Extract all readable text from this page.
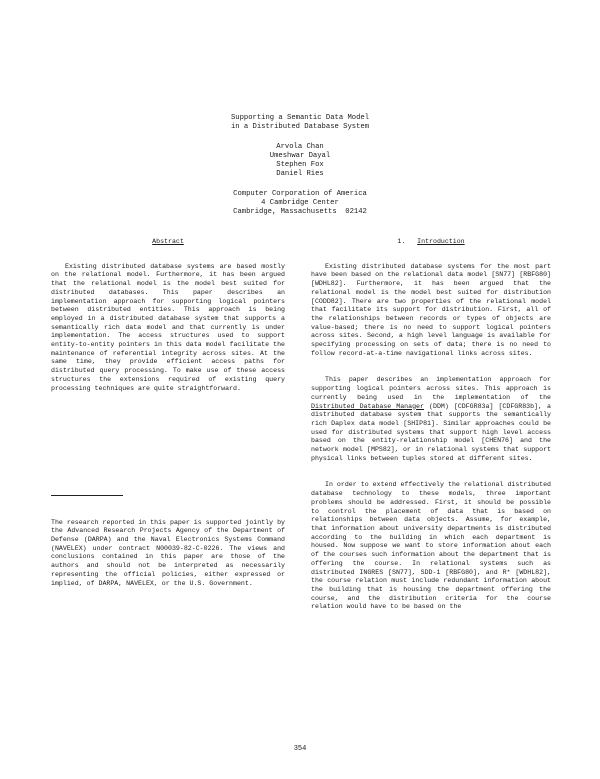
Supporting a Semantic Data Model
in a Distributed Database System
Arvola Chan
Umeshwar Dayal
Stephen Fox
Daniel Ries
Computer Corporation of America
4 Cambridge Center
Cambridge, Massachusetts  02142
Abstract

Existing distributed database systems are based mostly on the relational model. Furthermore, it has been argued that the relational model is the model best suited for distributed databases. This paper describes an implementation approach for supporting logical pointers between distributed entities. This approach is being employed in a distributed database system that supports a semantically rich data model and that currently is under implementation. The access structures used to support entity-to-entity pointers in this data model facilitate the maintenance of referential integrity across sites. At the same time, they provide efficient access paths for distributed query processing. To make use of these access structures the extensions required of existing query processing techniques are quite straightforward.

The research reported in this paper is supported jointly by the Advanced Research Projects Agency of the Department of Defense (DARPA) and the Naval Electronics Systems Command (NAVELEX) under contract N00039-82-C-0226. The views and conclusions contained in this paper are those of the authors and should not be interpreted as necessarily representing the official policies, either expressed or implied, of DARPA, NAVELEX, or the U.S. Government.

1. Introduction

Existing distributed database systems for the most part have been based on the relational data model [SN77] [RBFG80] [WDHL82]. Furthermore, it has been argued that the relational model is the model best suited for distribution [CODD82]. There are two properties of the relational model that facilitate its support for distribution. First, all of the relationships between records or types of objects are value-based; there is no need to support logical pointers across sites. Second, a high level language is available for specifying processing on sets of data; there is no need to follow record-at-a-time navigational links across sites.

This paper describes an implementation approach for supporting logical pointers across sites. This approach is currently being used in the implementation of the Distributed Database Manager (DDM) [CDFGR83a] [CDFGR83b], a distributed database system that supports the semantically rich Daplex data model [SHIP81]. Similar approaches could be used for distributed systems that support high level access based on the entity-relationship model [CHEN76] and the network model [MPS82], or in relational systems that support physical links between tuples stored at different sites.

In order to extend effectively the relational distributed database technology to these models, three important problems should be addressed. First, it should be possible to control the placement of data that is based on relationships between data objects. Assume, for example, that information about university departments is distributed according to the building in which each department is housed. Now suppose we want to store information about each of the courses such information about the department that is offering the course. In relational systems such as distributed INGRES [SN77], SDD-1 [RBFG80], and R* [WDHL82], the course relation must include redundant information about the building that is housing the department offering the course, and the distribution criteria for the course relation would have to be based on the

354
